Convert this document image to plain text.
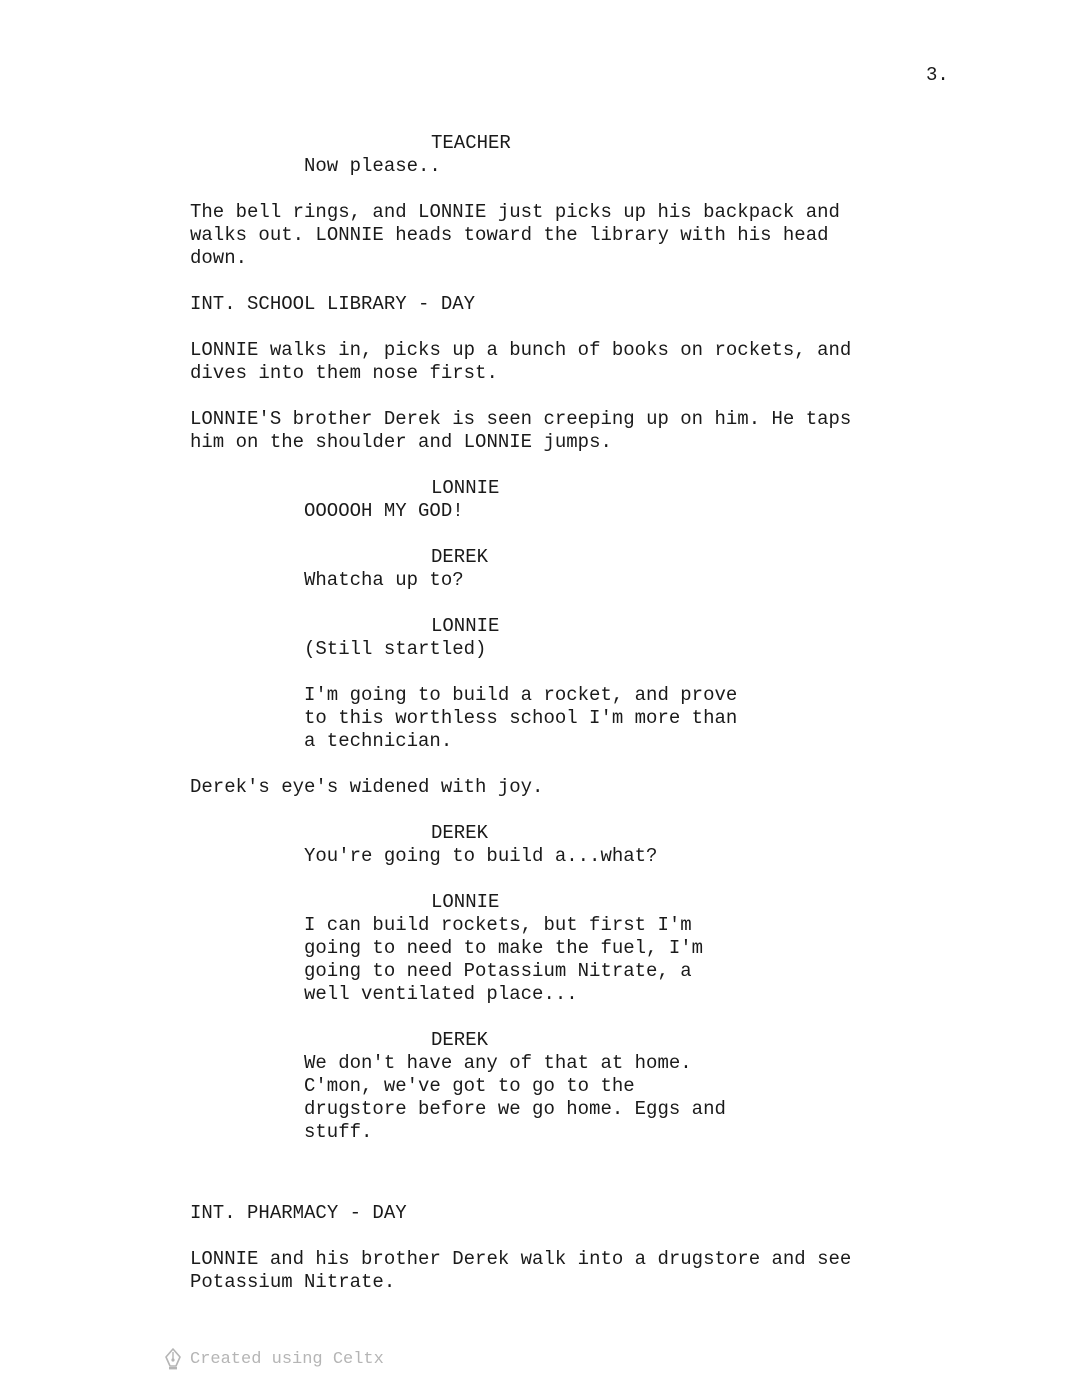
3.
TEACHER
Now please..
The bell rings, and LONNIE just picks up his backpack and
walks out. LONNIE heads toward the library with his head
down.
INT. SCHOOL LIBRARY - DAY
LONNIE walks in, picks up a bunch of books on rockets, and
dives into them nose first.
LONNIE'S brother Derek is seen creeping up on him. He taps
him on the shoulder and LONNIE jumps.
LONNIE
OOOOOH MY GOD!
DEREK
Whatcha up to?
LONNIE
(Still startled)
I'm going to build a rocket, and prove
to this worthless school I'm more than
a technician.
Derek's eye's widened with joy.
DEREK
You're going to build a...what?
LONNIE
I can build rockets, but first I'm
going to need to make the fuel, I'm
going to need Potassium Nitrate, a
well ventilated place...
DEREK
We don't have any of that at home.
C'mon, we've got to go to the
drugstore before we go home. Eggs and
stuff.
INT. PHARMACY - DAY
LONNIE and his brother Derek walk into a drugstore and see
Potassium Nitrate.
Created using Celtx
